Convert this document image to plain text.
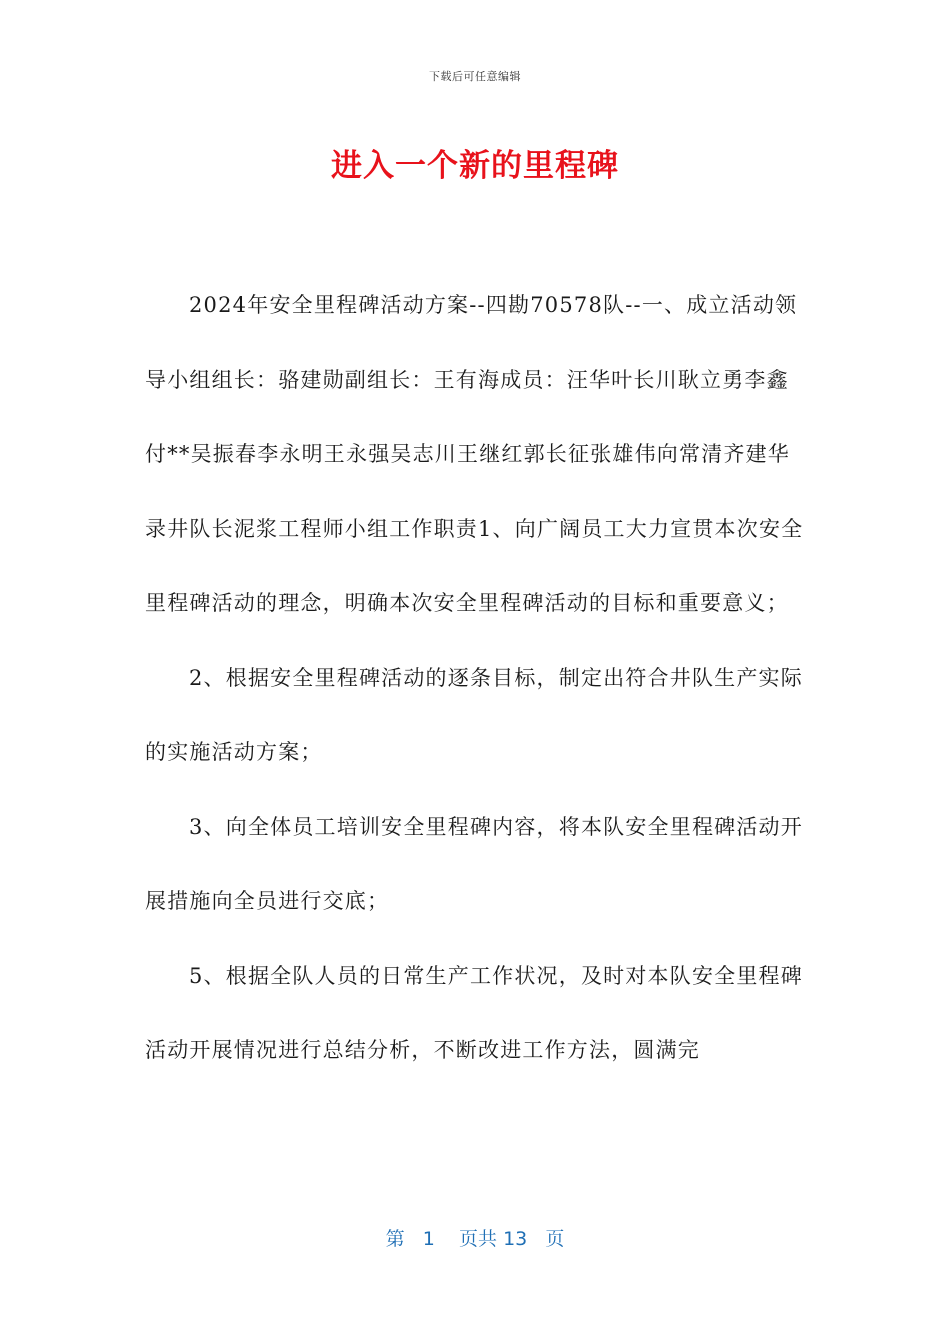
下载后可任意编辑
进入一个新的里程碑

2024年安全里程碑活动方案--四勘70578队--一、成立活动领导小组组长：骆建勋副组长：王有海成员：汪华叶长川耿立勇李鑫付**吴振春李永明王永强吴志川王继红郭长征张雄伟向常清齐建华录井队长泥浆工程师小组工作职责1、向广阔员工大力宣贯本次安全里程碑活动的理念，明确本次安全里程碑活动的目标和重要意义；

2、根据安全里程碑活动的逐条目标，制定出符合井队生产实际的实施活动方案；

3、向全体员工培训安全里程碑内容，将本队安全里程碑活动开展措施向全员进行交底；

5、根据全队人员的日常生产工作状况，及时对本队安全里程碑活动开展情况进行总结分析，不断改进工作方法，圆满完

第 1 页共 13 页
